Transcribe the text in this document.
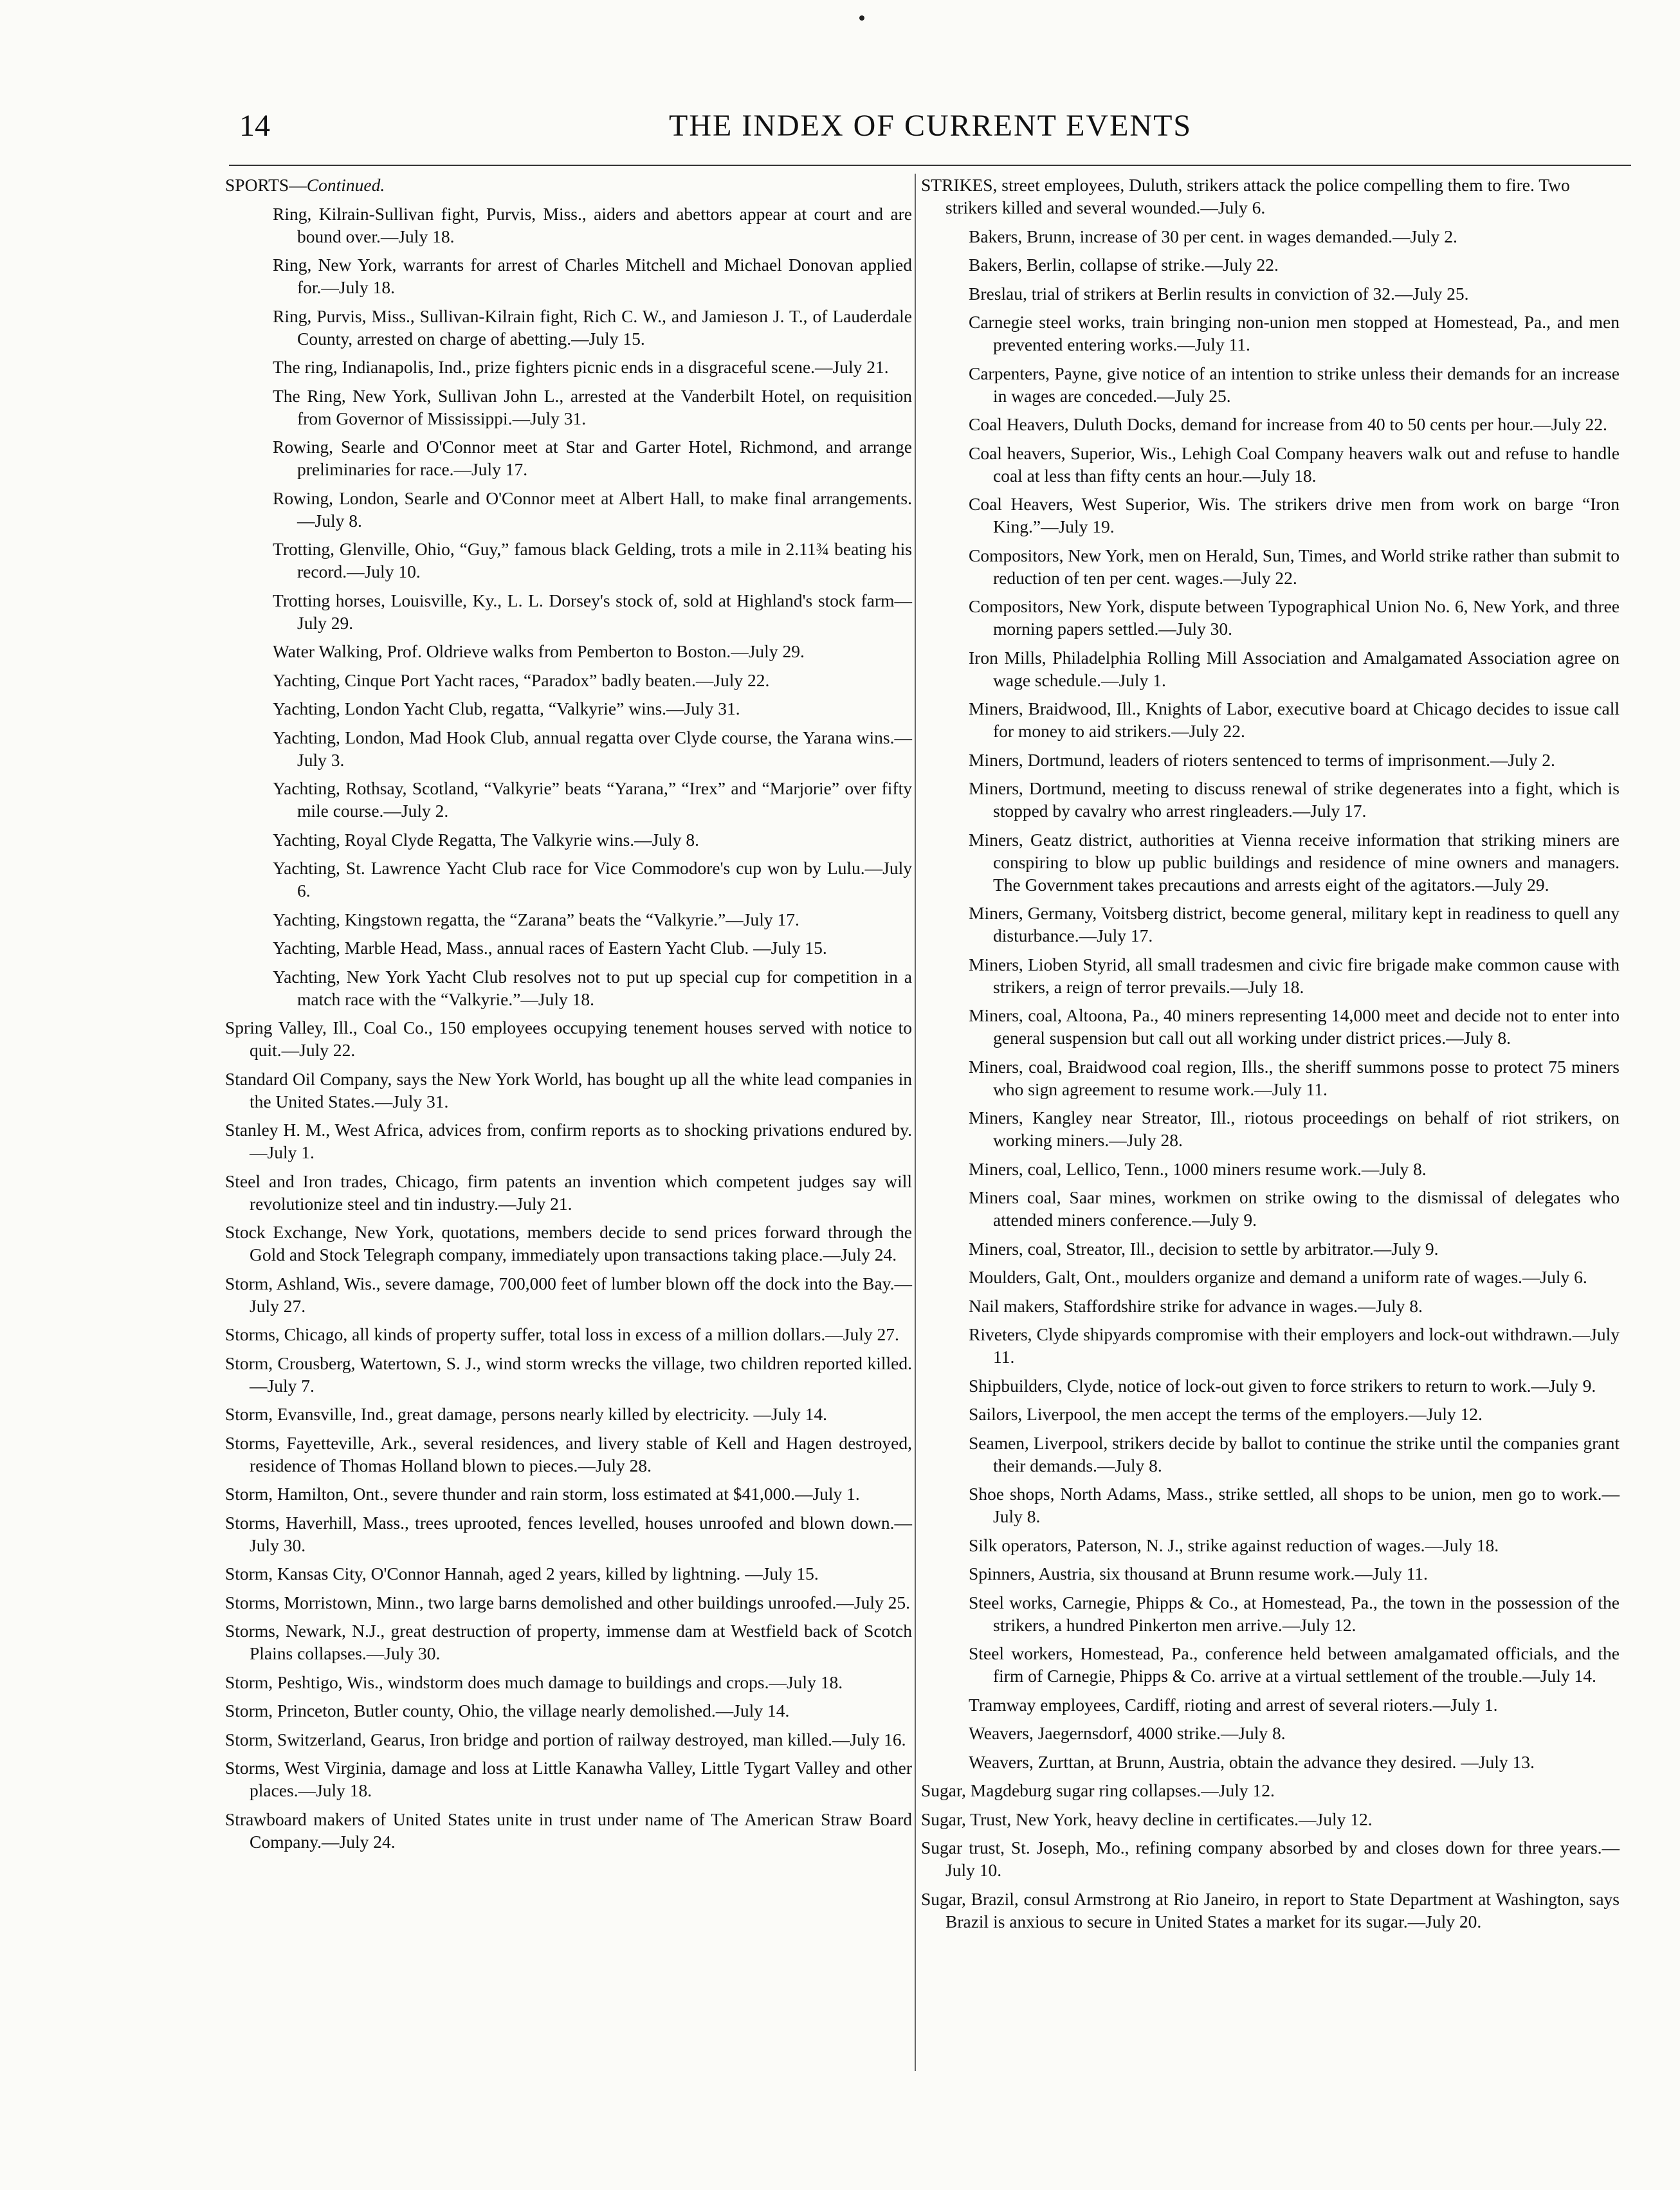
14	THE INDEX OF CURRENT EVENTS
SPORTS—Continued.
Ring, Kilrain-Sullivan fight, Purvis, Miss., aiders and abettors appear at court and are bound over.—July 18.
Ring, New York, warrants for arrest of Charles Mitchell and Michael Donovan applied for.—July 18.
Ring, Purvis, Miss., Sullivan-Kilrain fight, Rich C. W., and Jamieson J. T., of Lauderdale County, arrested on charge of abetting.—July 15.
The ring, Indianapolis, Ind., prize fighters picnic ends in a disgraceful scene.—July 21.
The Ring, New York, Sullivan John L., arrested at the Vanderbilt Hotel, on requisition from Governor of Mississippi.—July 31.
Rowing, Searle and O'Connor meet at Star and Garter Hotel, Richmond, and arrange preliminaries for race.—July 17.
Rowing, London, Searle and O'Connor meet at Albert Hall, to make final arrangements.—July 8.
Trotting, Glenville, Ohio, “Guy,” famous black Gelding, trots a mile in 2.11¾ beating his record.—July 10.
Trotting horses, Louisville, Ky., L. L. Dorsey's stock of, sold at Highland's stock farm—July 29.
Water Walking, Prof. Oldrieve walks from Pemberton to Boston.—July 29.
Yachting, Cinque Port Yacht races, “Paradox” badly beaten.—July 22.
Yachting, London Yacht Club, regatta, “Valkyrie” wins.—July 31.
Yachting, London, Mad Hook Club, annual regatta over Clyde course, the Yarana wins.—July 3.
Yachting, Rothsay, Scotland, “Valkyrie” beats “Yarana,” “Irex” and “Marjorie” over fifty mile course.—July 2.
Yachting, Royal Clyde Regatta, The Valkyrie wins.—July 8.
Yachting, St. Lawrence Yacht Club race for Vice Commodore's cup won by Lulu.—July 6.
Yachting, Kingstown regatta, the “Zarana” beats the “Valkyrie.”—July 17.
Yachting, Marble Head, Mass., annual races of Eastern Yacht Club. —July 15.
Yachting, New York Yacht Club resolves not to put up special cup for competition in a match race with the “Valkyrie.”—July 18.
Spring Valley, Ill., Coal Co., 150 employees occupying tenement houses served with notice to quit.—July 22.
Standard Oil Company, says the New York World, has bought up all the white lead companies in the United States.—July 31.
Stanley H. M., West Africa, advices from, confirm reports as to shocking privations endured by.—July 1.
Steel and Iron trades, Chicago, firm patents an invention which competent judges say will revolutionize steel and tin industry.—July 21.
Stock Exchange, New York, quotations, members decide to send prices forward through the Gold and Stock Telegraph company, immediately upon transactions taking place.—July 24.
Storm, Ashland, Wis., severe damage, 700,000 feet of lumber blown off the dock into the Bay.—July 27.
Storms, Chicago, all kinds of property suffer, total loss in excess of a million dollars.—July 27.
Storm, Crousberg, Watertown, S. J., wind storm wrecks the village, two children reported killed.—July 7.
Storm, Evansville, Ind., great damage, persons nearly killed by electricity. —July 14.
Storms, Fayetteville, Ark., several residences, and livery stable of Kell and Hagen destroyed, residence of Thomas Holland blown to pieces.—July 28.
Storm, Hamilton, Ont., severe thunder and rain storm, loss estimated at $41,000.—July 1.
Storms, Haverhill, Mass., trees uprooted, fences levelled, houses unroofed and blown down.—July 30.
Storm, Kansas City, O'Connor Hannah, aged 2 years, killed by lightning. —July 15.
Storms, Morristown, Minn., two large barns demolished and other buildings unroofed.—July 25.
Storms, Newark, N.J., great destruction of property, immense dam at Westfield back of Scotch Plains collapses.—July 30.
Storm, Peshtigo, Wis., windstorm does much damage to buildings and crops.—July 18.
Storm, Princeton, Butler county, Ohio, the village nearly demolished.—July 14.
Storm, Switzerland, Gearus, Iron bridge and portion of railway destroyed, man killed.—July 16.
Storms, West Virginia, damage and loss at Little Kanawha Valley, Little Tygart Valley and other places.—July 18.
Strawboard makers of United States unite in trust under name of The American Straw Board Company.—July 24.
STRIKES, street employees, Duluth, strikers attack the police compelling them to fire. Two strikers killed and several wounded.—July 6.
Bakers, Brunn, increase of 30 per cent. in wages demanded.—July 2.
Bakers, Berlin, collapse of strike.—July 22.
Breslau, trial of strikers at Berlin results in conviction of 32.—July 25.
Carnegie steel works, train bringing non-union men stopped at Homestead, Pa., and men prevented entering works.—July 11.
Carpenters, Payne, give notice of an intention to strike unless their demands for an increase in wages are conceded.—July 25.
Coal Heavers, Duluth Docks, demand for increase from 40 to 50 cents per hour.—July 22.
Coal heavers, Superior, Wis., Lehigh Coal Company heavers walk out and refuse to handle coal at less than fifty cents an hour.—July 18.
Coal Heavers, West Superior, Wis. The strikers drive men from work on barge “Iron King.”—July 19.
Compositors, New York, men on Herald, Sun, Times, and World strike rather than submit to reduction of ten per cent. wages.—July 22.
Compositors, New York, dispute between Typographical Union No. 6, New York, and three morning papers settled.—July 30.
Iron Mills, Philadelphia Rolling Mill Association and Amalgamated Association agree on wage schedule.—July 1.
Miners, Braidwood, Ill., Knights of Labor, executive board at Chicago decides to issue call for money to aid strikers.—July 22.
Miners, Dortmund, leaders of rioters sentenced to terms of imprisonment.—July 2.
Miners, Dortmund, meeting to discuss renewal of strike degenerates into a fight, which is stopped by cavalry who arrest ringleaders.—July 17.
Miners, Geatz district, authorities at Vienna receive information that striking miners are conspiring to blow up public buildings and residence of mine owners and managers. The Government takes precautions and arrests eight of the agitators.—July 29.
Miners, Germany, Voitsberg district, become general, military kept in readiness to quell any disturbance.—July 17.
Miners, Lioben Styrid, all small tradesmen and civic fire brigade make common cause with strikers, a reign of terror prevails.—July 18.
Miners, coal, Altoona, Pa., 40 miners representing 14,000 meet and decide not to enter into general suspension but call out all working under district prices.—July 8.
Miners, coal, Braidwood coal region, Ills., the sheriff summons posse to protect 75 miners who sign agreement to resume work.—July 11.
Miners, Kangley near Streator, Ill., riotous proceedings on behalf of riot strikers, on working miners.—July 28.
Miners, coal, Lellico, Tenn., 1000 miners resume work.—July 8.
Miners coal, Saar mines, workmen on strike owing to the dismissal of delegates who attended miners conference.—July 9.
Miners, coal, Streator, Ill., decision to settle by arbitrator.—July 9.
Moulders, Galt, Ont., moulders organize and demand a uniform rate of wages.—July 6.
Nail makers, Staffordshire strike for advance in wages.—July 8.
Riveters, Clyde shipyards compromise with their employers and lock-out withdrawn.—July 11.
Shipbuilders, Clyde, notice of lock-out given to force strikers to return to work.—July 9.
Sailors, Liverpool, the men accept the terms of the employers.—July 12.
Seamen, Liverpool, strikers decide by ballot to continue the strike until the companies grant their demands.—July 8.
Shoe shops, North Adams, Mass., strike settled, all shops to be union, men go to work.—July 8.
Silk operators, Paterson, N. J., strike against reduction of wages.—July 18.
Spinners, Austria, six thousand at Brunn resume work.—July 11.
Steel works, Carnegie, Phipps & Co., at Homestead, Pa., the town in the possession of the strikers, a hundred Pinkerton men arrive.—July 12.
Steel workers, Homestead, Pa., conference held between amalgamated officials, and the firm of Carnegie, Phipps & Co. arrive at a virtual settlement of the trouble.—July 14.
Tramway employees, Cardiff, rioting and arrest of several rioters.—July 1.
Weavers, Jaegernsdorf, 4000 strike.—July 8.
Weavers, Zurttan, at Brunn, Austria, obtain the advance they desired. —July 13.
Sugar, Magdeburg sugar ring collapses.—July 12.
Sugar, Trust, New York, heavy decline in certificates.—July 12.
Sugar trust, St. Joseph, Mo., refining company absorbed by and closes down for three years.—July 10.
Sugar, Brazil, consul Armstrong at Rio Janeiro, in report to State Department at Washington, says Brazil is anxious to secure in United States a market for its sugar.—July 20.
